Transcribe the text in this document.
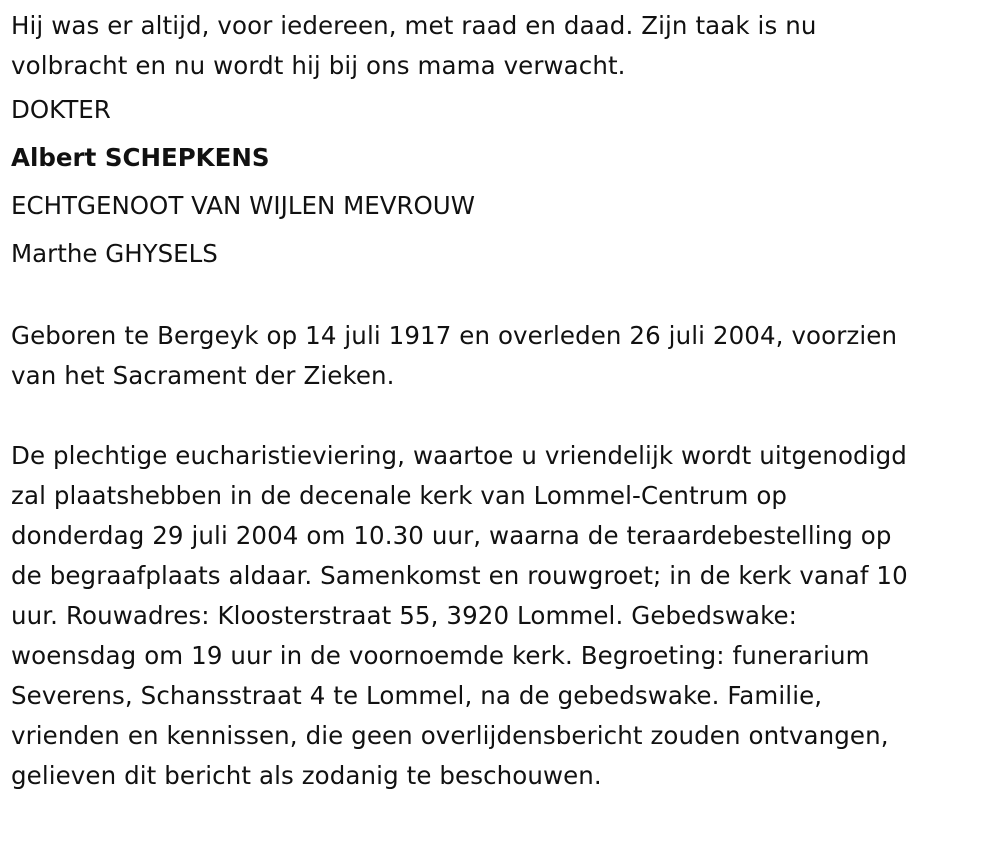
Hij was er altijd, voor iedereen, met raad en daad. Zijn taak is nu
volbracht en nu wordt hij bij ons mama verwacht.

DOKTER
Albert SCHEPKENS
ECHTGENOOT VAN WIJLEN MEVROUW
Marthe GHYSELS

Geboren te Bergeyk op 14 juli 1917 en overleden 26 juli 2004, voorzien
van het Sacrament der Zieken.

De plechtige eucharistieviering, waartoe u vriendelijk wordt uitgenodigd
zal plaatshebben in de decenale kerk van Lommel-Centrum op
donderdag 29 juli 2004 om 10.30 uur, waarna de teraardebestelling op
de begraafplaats aldaar. Samenkomst en rouwgroet; in de kerk vanaf 10
uur. Rouwadres: Kloosterstraat 55, 3920 Lommel. Gebedswake:
woensdag om 19 uur in de voornoemde kerk. Begroeting: funerarium
Severens, Schansstraat 4 te Lommel, na de gebedswake. Familie,
vrienden en kennissen, die geen overlijdensbericht zouden ontvangen,
gelieven dit bericht als zodanig te beschouwen.
